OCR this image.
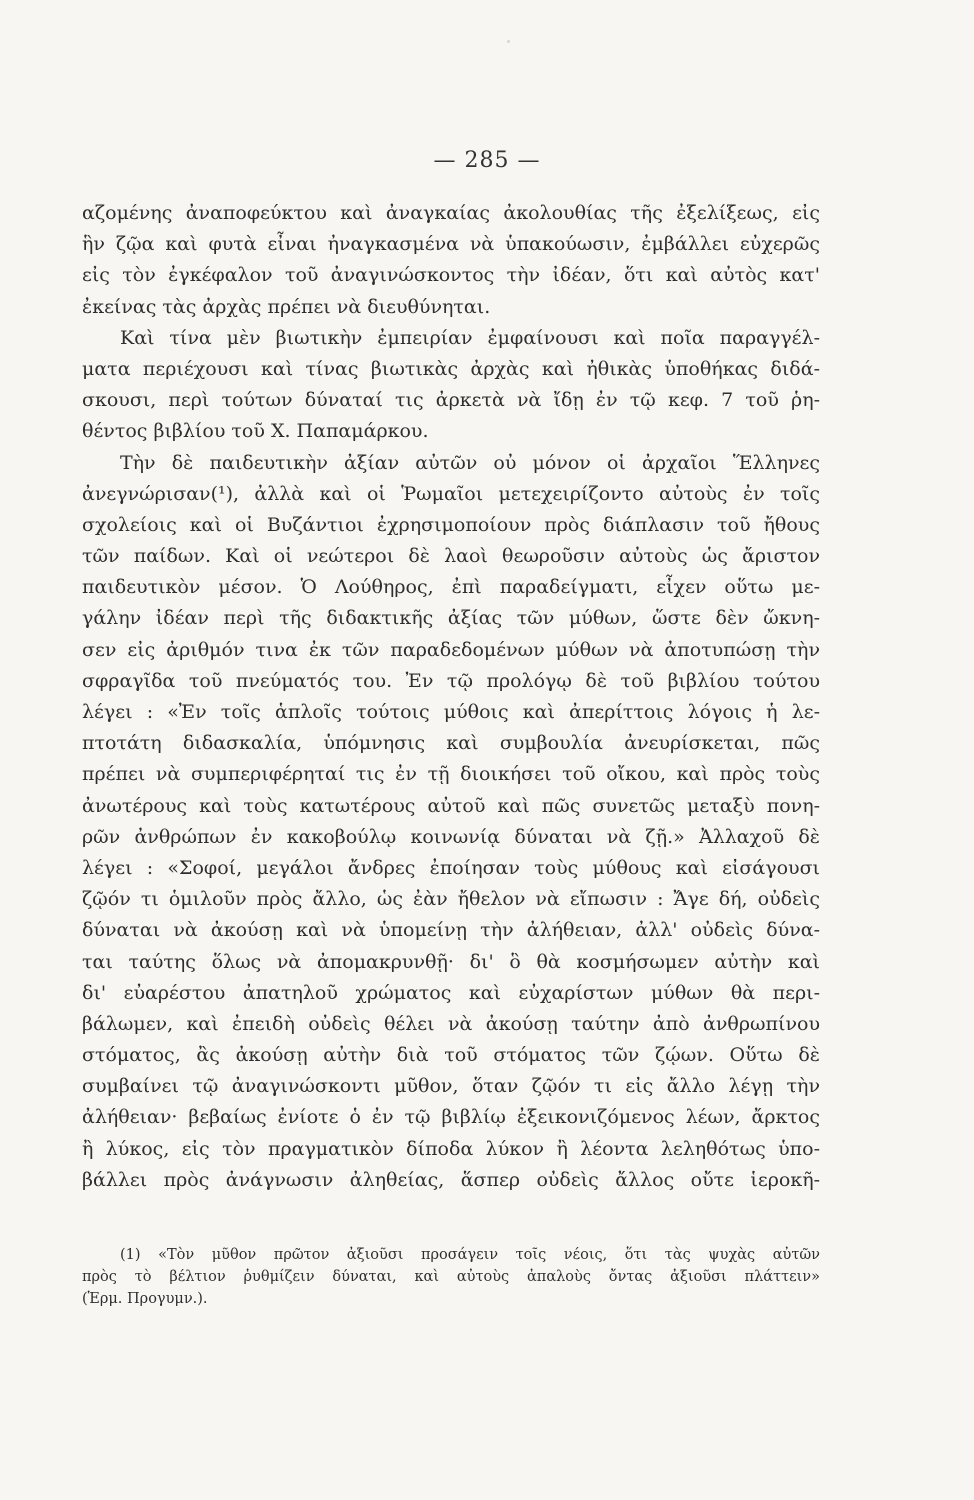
— 285 —
αζομένης ἀναποφεύκτου καὶ ἀναγκαίας ἀκολουθίας τῆς ἐξελίξεως, εἰς
ἣν ζῷα καὶ φυτὰ εἶναι ἠναγκασμένα νὰ ὑπακούωσιν, ἐμβάλλει εὐχερῶς
εἰς τὸν ἐγκέφαλον τοῦ ἀναγινώσκοντος τὴν ἰδέαν, ὅτι καὶ αὐτὸς κατ'
ἐκείνας τὰς ἀρχὰς πρέπει νὰ διευθύνηται.
Καὶ τίνα μὲν βιωτικὴν ἐμπειρίαν ἐμφαίνουσι καὶ ποῖα παραγγέλ-
ματα περιέχουσι καὶ τίνας βιωτικὰς ἀρχὰς καὶ ἠθικὰς ὑποθήκας διδά-
σκουσι, περὶ τούτων δύναταί τις ἀρκετὰ νὰ ἴδῃ ἐν τῷ κεφ. 7 τοῦ ῥη-
θέντος βιβλίου τοῦ Χ. Παπαμάρκου.
Τὴν δὲ παιδευτικὴν ἀξίαν αὐτῶν οὐ μόνον οἱ ἀρχαῖοι Ἕλληνες
ἀνεγνώρισαν(¹), ἀλλὰ καὶ οἱ Ῥωμαῖοι μετεχειρίζοντο αὐτοὺς ἐν τοῖς
σχολείοις καὶ οἱ Βυζάντιοι ἐχρησιμοποίουν πρὸς διάπλασιν τοῦ ἤθους
τῶν παίδων. Καὶ οἱ νεώτεροι δὲ λαοὶ θεωροῦσιν αὐτοὺς ὡς ἄριστον
παιδευτικὸν μέσον. Ὁ Λούθηρος, ἐπὶ παραδείγματι, εἶχεν οὕτω με-
γάλην ἰδέαν περὶ τῆς διδακτικῆς ἀξίας τῶν μύθων, ὥστε δὲν ὤκνη-
σεν εἰς ἀριθμόν τινα ἐκ τῶν παραδεδομένων μύθων νὰ ἀποτυπώσῃ τὴν
σφραγῖδα τοῦ πνεύματός του. Ἐν τῷ προλόγῳ δὲ τοῦ βιβλίου τούτου
λέγει : «Ἐν τοῖς ἁπλοῖς τούτοις μύθοις καὶ ἀπερίττοις λόγοις ἡ λε-
πτοτάτη διδασκαλία, ὑπόμνησις καὶ συμβουλία ἀνευρίσκεται, πῶς
πρέπει νὰ συμπεριφέρηταί τις ἐν τῇ διοικήσει τοῦ οἴκου, καὶ πρὸς τοὺς
ἀνωτέρους καὶ τοὺς κατωτέρους αὐτοῦ καὶ πῶς συνετῶς μεταξὺ πονη-
ρῶν ἀνθρώπων ἐν κακοβούλῳ κοινωνίᾳ δύναται νὰ ζῇ.» Ἀλλαχοῦ δὲ
λέγει : «Σοφοί, μεγάλοι ἄνδρες ἐποίησαν τοὺς μύθους καὶ εἰσάγουσι
ζῷόν τι ὁμιλοῦν πρὸς ἄλλο, ὡς ἐὰν ἤθελον νὰ εἴπωσιν : Ἄγε δή, οὐδεὶς
δύναται νὰ ἀκούσῃ καὶ νὰ ὑπομείνῃ τὴν ἀλήθειαν, ἀλλ' οὐδεὶς δύνα-
ται ταύτης ὅλως νὰ ἀπομακρυνθῇ· δι' ὃ θὰ κοσμήσωμεν αὐτὴν καὶ
δι' εὐαρέστου ἀπατηλοῦ χρώματος καὶ εὐχαρίστων μύθων θὰ περι-
βάλωμεν, καὶ ἐπειδὴ οὐδεὶς θέλει νὰ ἀκούσῃ ταύτην ἀπὸ ἀνθρωπίνου
στόματος, ἂς ἀκούσῃ αὐτὴν διὰ τοῦ στόματος τῶν ζῴων. Οὕτω δὲ
συμβαίνει τῷ ἀναγινώσκοντι μῦθον, ὅταν ζῷόν τι εἰς ἄλλο λέγῃ τὴν
ἀλήθειαν· βεβαίως ἐνίοτε ὁ ἐν τῷ βιβλίῳ ἐξεικονιζόμενος λέων, ἄρκτος
ἢ λύκος, εἰς τὸν πραγματικὸν δίποδα λύκον ἢ λέοντα λεληθότως ὑπο-
βάλλει πρὸς ἀνάγνωσιν ἀληθείας, ἅσπερ οὐδεὶς ἄλλος οὔτε ἱεροκῆ-
(1) «Τὸν μῦθον πρῶτον ἀξιοῦσι προσάγειν τοῖς νέοις, ὅτι τὰς ψυχὰς αὐτῶν
πρὸς τὸ βέλτιον ῥυθμίζειν δύναται, καὶ αὐτοὺς ἀπαλοὺς ὄντας ἀξιοῦσι πλάττειν»
(Ἑρμ. Προγυμν.).
